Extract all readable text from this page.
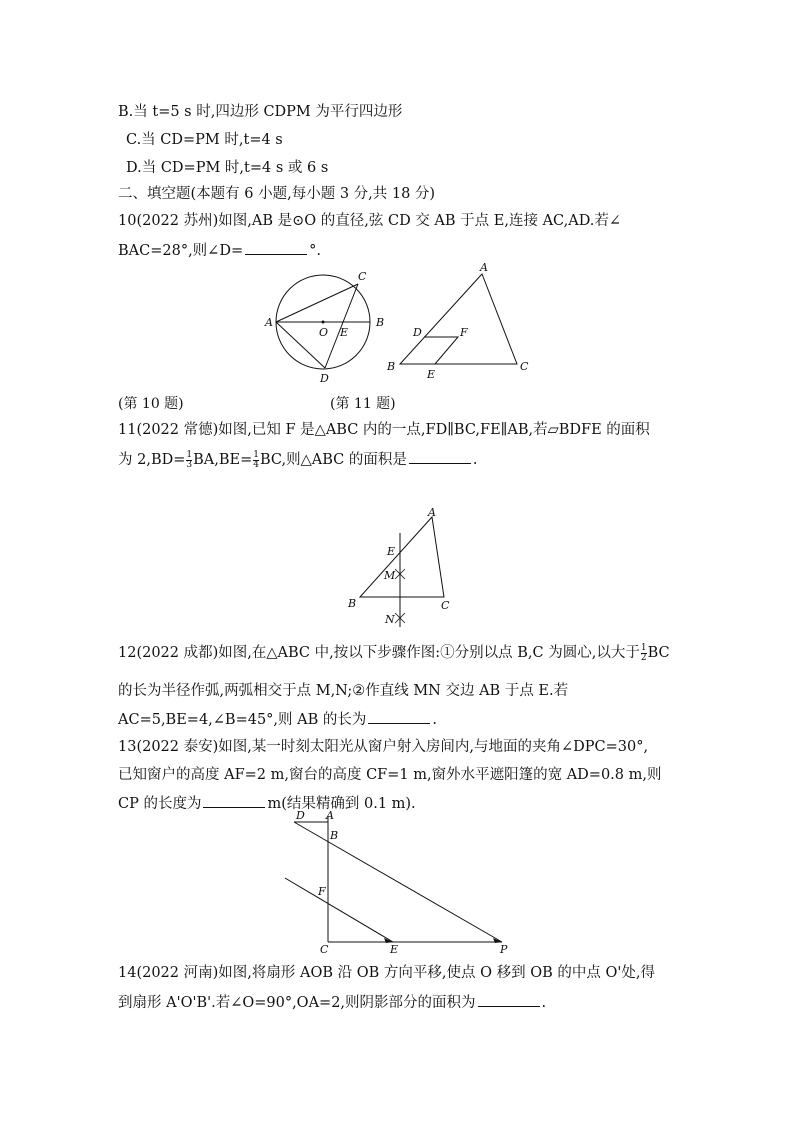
B.当 t=5 s 时,四边形 CDPM 为平行四边形
C.当 CD=PM 时,t=4 s
D.当 CD=PM 时,t=4 s 或 6 s
二、填空题(本题有 6 小题,每小题 3 分,共 18 分)
10(2022 苏州)如图,AB 是⊙O 的直径,弦 CD 交 AB 于点 E,连接 AC,AD.若∠
BAC=28°,则∠D=	°.
A	B
C
D
O E
A
B	C
D
E
F
(第 10 题)	(第 11 题)
11(2022 常德)如图,已知 F 是△ABC 内的一点,FD∥BC,FE∥AB,若▱BDFE 的面积
为 $2,BD= \frac{1}{3} BA,BE= \frac{1}{4}$ BC,则△ABC 的面积是	.
A
B	C
E
M
N
12(2022 成都)如图,在△ABC 中,按以下步骤作图:①分别以点 B,C 为圆心,以大于 $\frac{1}{2}$ BC
的长为半径作弧,两弧相交于点 M,N;②作直线 MN 交边 AB 于点 E.若
AC=5,BE=4,∠B=45°,则 AB 的长为	.
13(2022 泰安)如图,某一时刻太阳光从窗户射入房间内,与地面的夹角∠DPC=30°,
已知窗户的高度 AF=2 m,窗台的高度 CF=1 m,窗外水平遮阳篷的宽 AD=0.8 m,则
CP 的长度为	m(结果精确到 0.1 m).
D A
B
F
C	E	P
14(2022 河南)如图,将扇形 AOB 沿 OB 方向平移,使点 O 移到 OB 的中点 O'处,得
到扇形 A'O'B'.若∠O=90°,OA=2,则阴影部分的面积为	.
